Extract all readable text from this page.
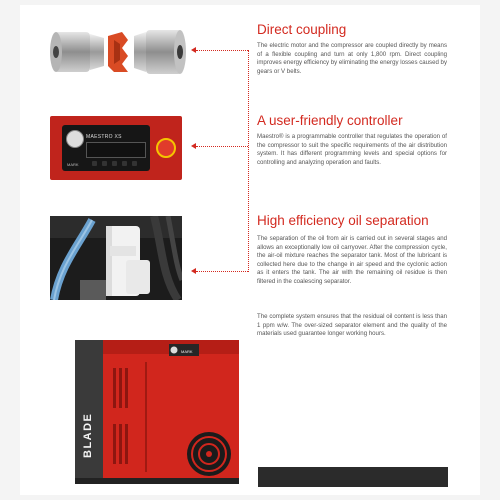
Direct coupling
The electric motor and the compressor are coupled directly by means of a flexible coupling and turn at only 1,800 rpm. Direct coupling improves energy efficiency by eliminating the energy losses caused by gears or V belts.
A user-friendly controller
Maestro® is a programmable controller that regulates the operation of the compressor to suit the specific requirements of the air distribution system. It has different programming levels and special options for controlling and analyzing operation and faults.
MAESTRO XS
MARK
High efficiency oil separation
The separation of the oil from air is carried out in several stages and allows an exceptionally low oil carryover. After the compression cycle, the air-oil mixture reaches the separator tank. Most of the lubricant is collected here due to the change in air speed and the cyclonic action as it enters the tank. The air with the remaining oil residue is then filtered in the coalescing separator.
The complete system ensures that the residual oil content is less than 1 ppm w/w. The over-sized separator element and the quality of the materials used guarantee longer working hours.
BLADE
MARK
